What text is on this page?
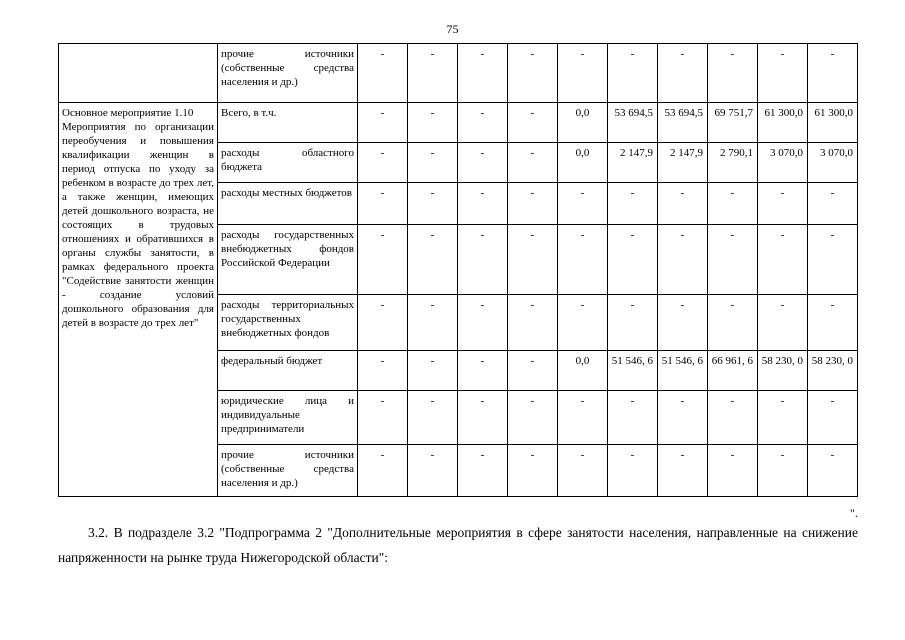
75
	прочие источники (собственные средства населения и др.)	-	-	-	-	-	-	-	-	-	-

Основное мероприятие 1.10
Мероприятия по организации переобучения и повышения квалификации женщин в период отпуска по уходу за ребенком в возрасте до трех лет, а также женщин, имеющих детей дошкольного возраста, не состоящих в трудовых отношениях и обратившихся в органы службы занятости, в рамках федерального проекта "Содействие занятости женщин - создание условий дошкольного образования для детей в возрасте до трех лет"	Всего, в т.ч.	-	-	-	-	0,0	53 694,5	53 694,5	69 751,7	61 300,0	61 300,0
	расходы областного бюджета	-	-	-	-	0,0	2 147,9	2 147,9	2 790,1	3 070,0	3 070,0
	расходы местных бюджетов	-	-	-	-	-	-	-	-	-	-
	расходы государственных внебюджетных фондов Российской Федерации	-	-	-	-	-	-	-	-	-	-
	расходы территориальных государственных внебюджетных фондов	-	-	-	-	-	-	-	-	-	-
	федеральный бюджет	-	-	-	-	0,0	51 546, 6	51 546, 6	66 961, 6	58 230, 0	58 230, 0
	юридические лица и индивидуальные предприниматели	-	-	-	-	-	-	-	-	-	-
	прочие источники (собственные средства населения и др.)	-	-	-	-	-	-	-	-	-	-
".
3.2. В подразделе 3.2 "Подпрограмма 2 "Дополнительные мероприятия в сфере занятости населения, направленные на снижение напряженности на рынке труда Нижегородской области":
